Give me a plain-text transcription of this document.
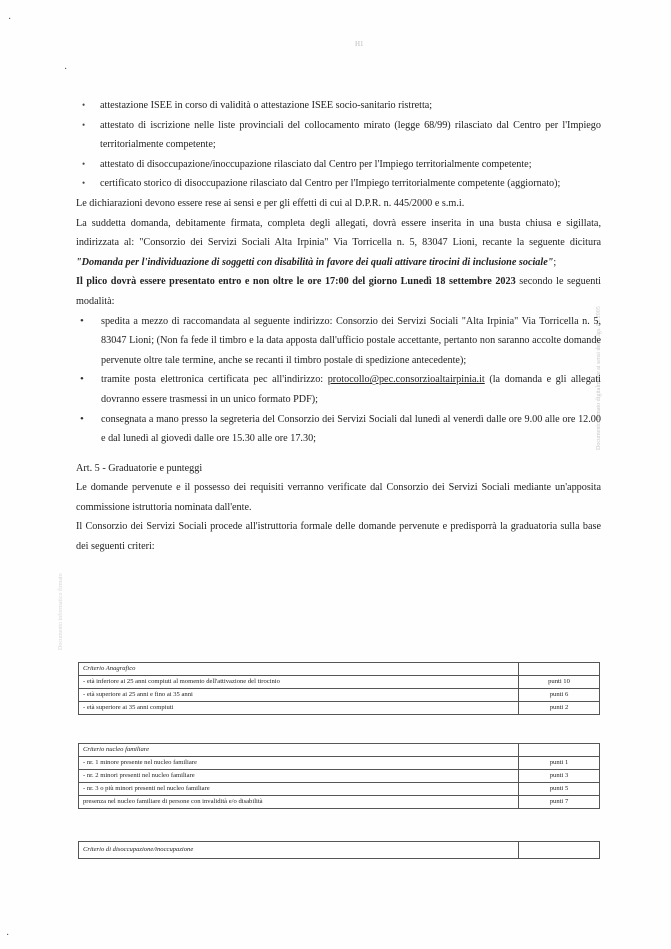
H1
·
·
·
Documento firmato digitalmente ai sensi del D.lgs. 82/2005
Documento informatico firmato
• attestazione ISEE in corso di validità o attestazione ISEE socio-sanitario ristretta;
• attestato di iscrizione nelle liste provinciali del collocamento mirato (legge 68/99) rilasciato dal Centro per l'Impiego territorialmente competente;
• attestato di disoccupazione/inoccupazione rilasciato dal Centro per l'Impiego territorialmente competente;
• certificato storico di disoccupazione rilasciato dal Centro per l'Impiego territorialmente competente (aggiornato);

Le dichiarazioni devono essere rese ai sensi e per gli effetti di cui al D.P.R. n. 445/2000 e s.m.i.

La suddetta domanda, debitamente firmata, completa degli allegati, dovrà essere inserita in una busta chiusa e sigillata, indirizzata al: "Consorzio dei Servizi Sociali Alta Irpinia" Via Torricella n. 5, 83047 Lioni, recante la seguente dicitura "Domanda per l'individuazione di soggetti con disabilità in favore dei quali attivare tirocini di inclusione sociale";

Il plico dovrà essere presentato entro e non oltre le ore 17:00 del giorno Lunedì 18 settembre 2023 secondo le seguenti modalità:

• spedita a mezzo di raccomandata al seguente indirizzo: Consorzio dei Servizi Sociali "Alta Irpinia" Via Torricella n. 5, 83047 Lioni; (Non fa fede il timbro e la data apposta dall'ufficio postale accettante, pertanto non saranno accolte domande pervenute oltre tale termine, anche se recanti il timbro postale di spedizione antecedente);
• tramite posta elettronica certificata pec all'indirizzo: protocollo@pec.consorzioaltairpinia.it (la domanda e gli allegati dovranno essere trasmessi in un unico formato PDF);
• consegnata a mano presso la segreteria del Consorzio dei Servizi Sociali dal lunedì al venerdì dalle ore 9.00 alle ore 12.00 e dal lunedì al giovedì dalle ore 15.30 alle ore 17.30;

Art. 5 - Graduatorie e punteggi

Le domande pervenute e il possesso dei requisiti verranno verificate dal Consorzio dei Servizi Sociali mediante un'apposita commissione istruttoria nominata dall'ente.

Il Consorzio dei Servizi Sociali procede all'istruttoria formale delle domande pervenute e predisporrà la graduatoria sulla base dei seguenti criteri:

Criterio Anagrafico	
- età inferiore ai 25 anni compiuti al momento dell'attivazione del tirocinio	punti 10
- età superiore ai 25 anni e fino ai 35 anni	punti 6
- età superiore ai 35 anni compiuti	punti 2
Criterio nucleo familiare	
- nr. 1 minore presente nel nucleo familiare	punti 1
- nr. 2 minori presenti nel nucleo familiare	punti 3
- nr. 3 o più minori presenti nel nucleo familiare	punti 5
presenza nel nucleo familiare di persone con invalidità e/o disabilità	punti 7
Criterio di disoccupazione/inoccupazione	
